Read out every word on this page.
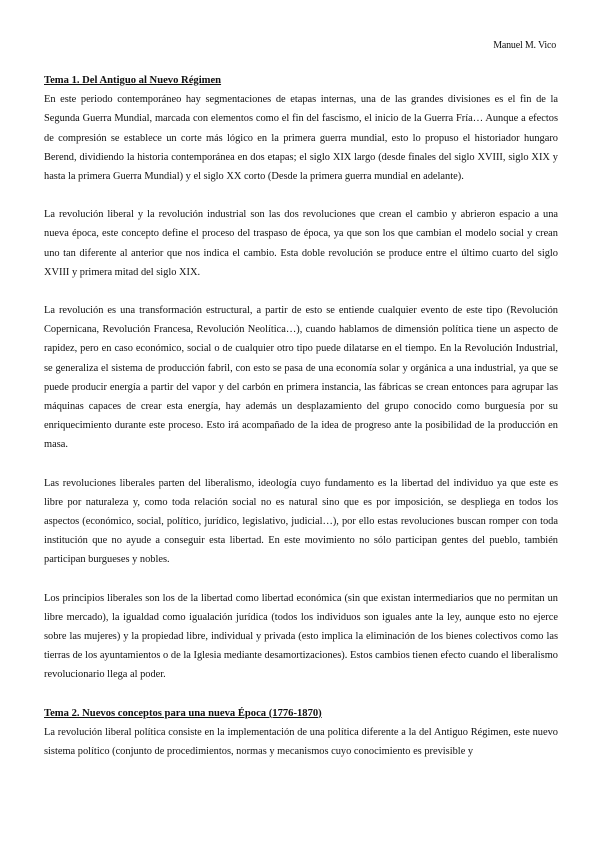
Manuel M. Vico

Tema 1. Del Antiguo al Nuevo Régimen

En este periodo contemporáneo hay segmentaciones de etapas internas, una de las grandes divisiones es el fin de la Segunda Guerra Mundial, marcada con elementos como el fin del fascismo, el inicio de la Guerra Fría… Aunque a efectos de compresión se establece un corte más lógico en la primera guerra mundial, esto lo propuso el historiador hungaro Berend, dividiendo la historia contemporánea en dos etapas; el siglo XIX largo (desde finales del siglo XVIII, siglo XIX y hasta la primera Guerra Mundial) y el siglo XX corto (Desde la primera guerra mundial en adelante).

La revolución liberal y la revolución industrial son las dos revoluciones que crean el cambio y abrieron espacio a una nueva época, este concepto define el proceso del traspaso de época, ya que son los que cambian el modelo social y crean uno tan diferente al anterior que nos indica el cambio. Esta doble revolución se produce entre el último cuarto del siglo XVIII y primera mitad del siglo XIX.

La revolución es una transformación estructural, a partir de esto se entiende cualquier evento de este tipo (Revolución Copernicana, Revolución Francesa, Revolución Neolítica…), cuando hablamos de dimensión política tiene un aspecto de rapidez, pero en caso económico, social o de cualquier otro tipo puede dilatarse en el tiempo. En la Revolución Industrial, se generaliza el sistema de producción fabril, con esto se pasa de una economía solar y orgánica a una industrial, ya que se puede producir energía a partir del vapor y del carbón en primera instancia, las fábricas se crean entonces para agrupar las máquinas capaces de crear esta energía, hay además un desplazamiento del grupo conocido como burguesía por su enriquecimiento durante este proceso. Esto irá acompañado de la idea de progreso ante la posibilidad de la producción en masa.

Las revoluciones liberales parten del liberalismo, ideología cuyo fundamento es la libertad del individuo ya que este es libre por naturaleza y, como toda relación social no es natural sino que es por imposición, se despliega en todos los aspectos (económico, social, político, jurídico, legislativo, judicial…), por ello estas revoluciones buscan romper con toda institución que no ayude a conseguir esta libertad. En este movimiento no sólo participan gentes del pueblo, también participan burgueses y nobles.

Los principios liberales son los de la libertad como libertad económica (sin que existan intermediarios que no permitan un libre mercado), la igualdad como igualación jurídica (todos los individuos son iguales ante la ley, aunque esto no ejerce sobre las mujeres) y la propiedad libre, individual y privada (esto implica la eliminación de los bienes colectivos como las tierras de los ayuntamientos o de la Iglesia mediante desamortizaciones). Estos cambios tienen efecto cuando el liberalismo revolucionario llega al poder.

Tema 2. Nuevos conceptos para una nueva Época (1776-1870)

La revolución liberal política consiste en la implementación de una política diferente a la del Antiguo Régimen, este nuevo sistema político (conjunto de procedimientos, normas y mecanismos cuyo conocimiento es previsible y
